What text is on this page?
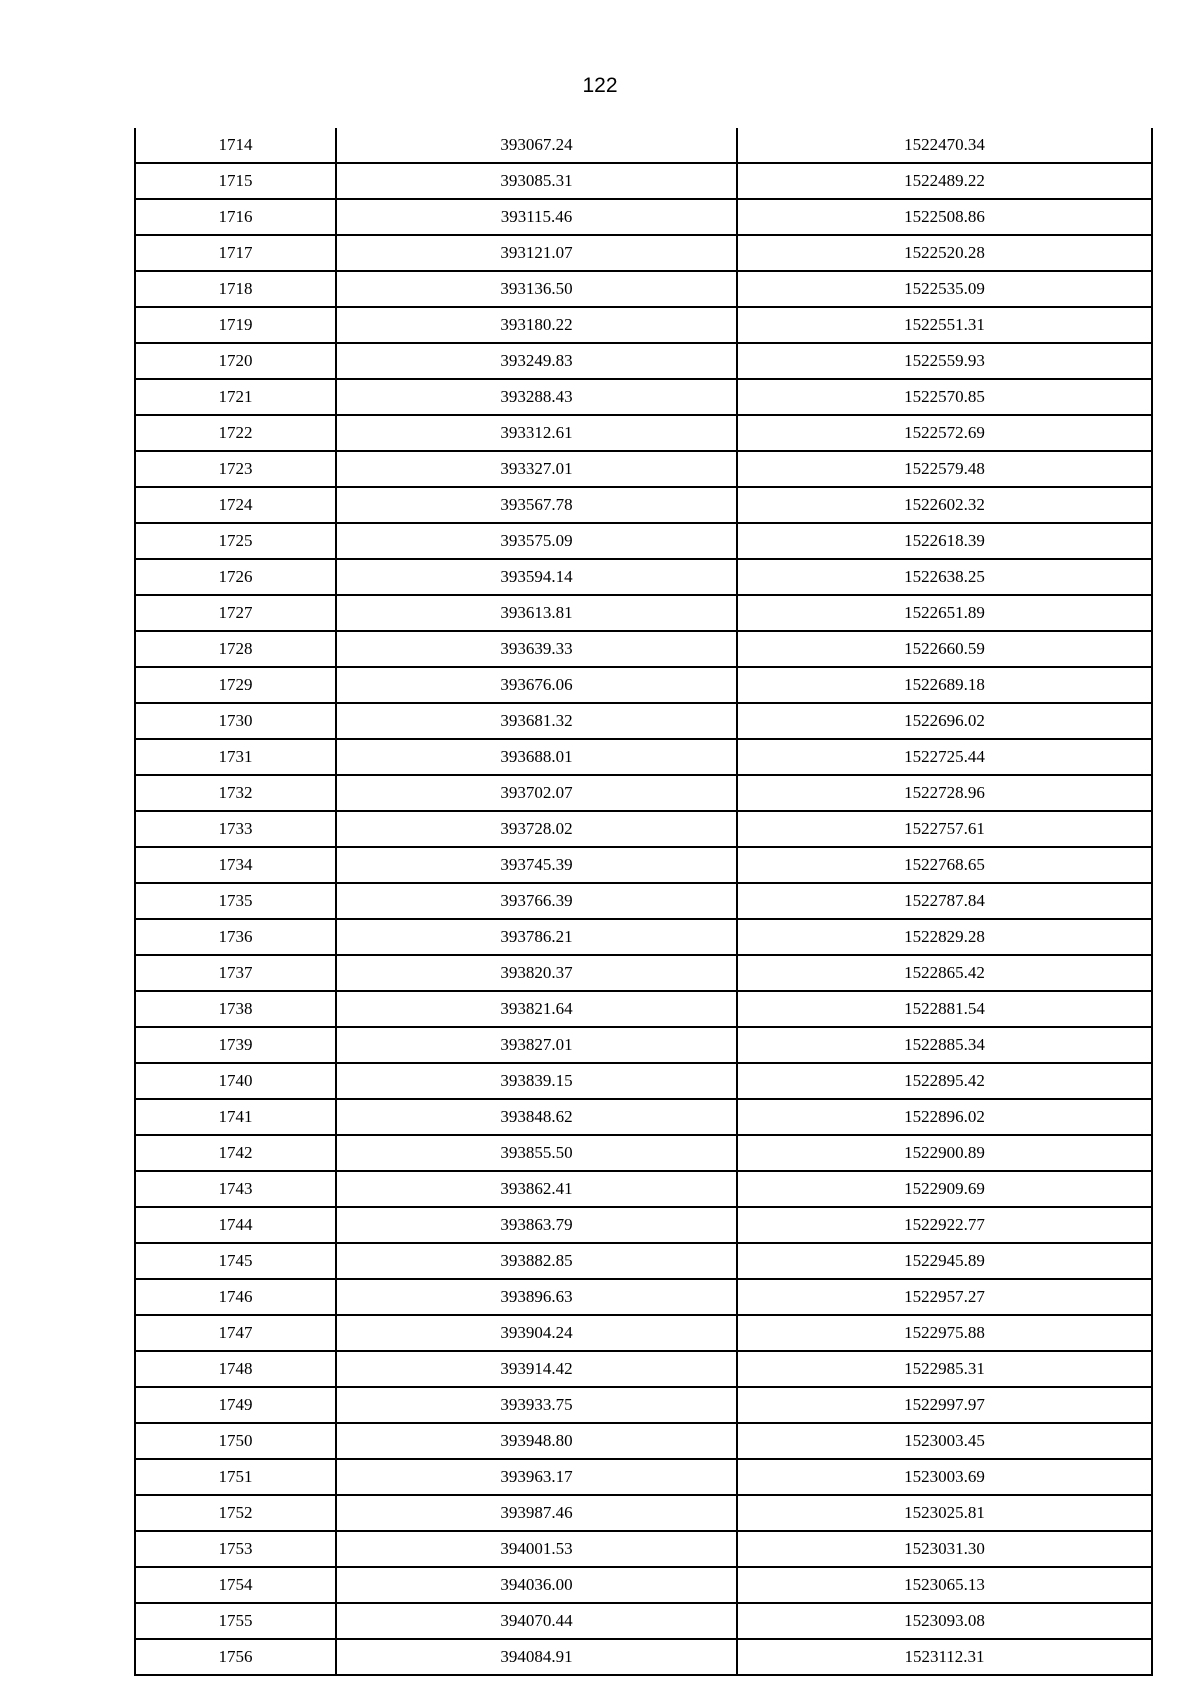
122
1714	393067.24	1522470.34
1715	393085.31	1522489.22
1716	393115.46	1522508.86
1717	393121.07	1522520.28
1718	393136.50	1522535.09
1719	393180.22	1522551.31
1720	393249.83	1522559.93
1721	393288.43	1522570.85
1722	393312.61	1522572.69
1723	393327.01	1522579.48
1724	393567.78	1522602.32
1725	393575.09	1522618.39
1726	393594.14	1522638.25
1727	393613.81	1522651.89
1728	393639.33	1522660.59
1729	393676.06	1522689.18
1730	393681.32	1522696.02
1731	393688.01	1522725.44
1732	393702.07	1522728.96
1733	393728.02	1522757.61
1734	393745.39	1522768.65
1735	393766.39	1522787.84
1736	393786.21	1522829.28
1737	393820.37	1522865.42
1738	393821.64	1522881.54
1739	393827.01	1522885.34
1740	393839.15	1522895.42
1741	393848.62	1522896.02
1742	393855.50	1522900.89
1743	393862.41	1522909.69
1744	393863.79	1522922.77
1745	393882.85	1522945.89
1746	393896.63	1522957.27
1747	393904.24	1522975.88
1748	393914.42	1522985.31
1749	393933.75	1522997.97
1750	393948.80	1523003.45
1751	393963.17	1523003.69
1752	393987.46	1523025.81
1753	394001.53	1523031.30
1754	394036.00	1523065.13
1755	394070.44	1523093.08
1756	394084.91	1523112.31
